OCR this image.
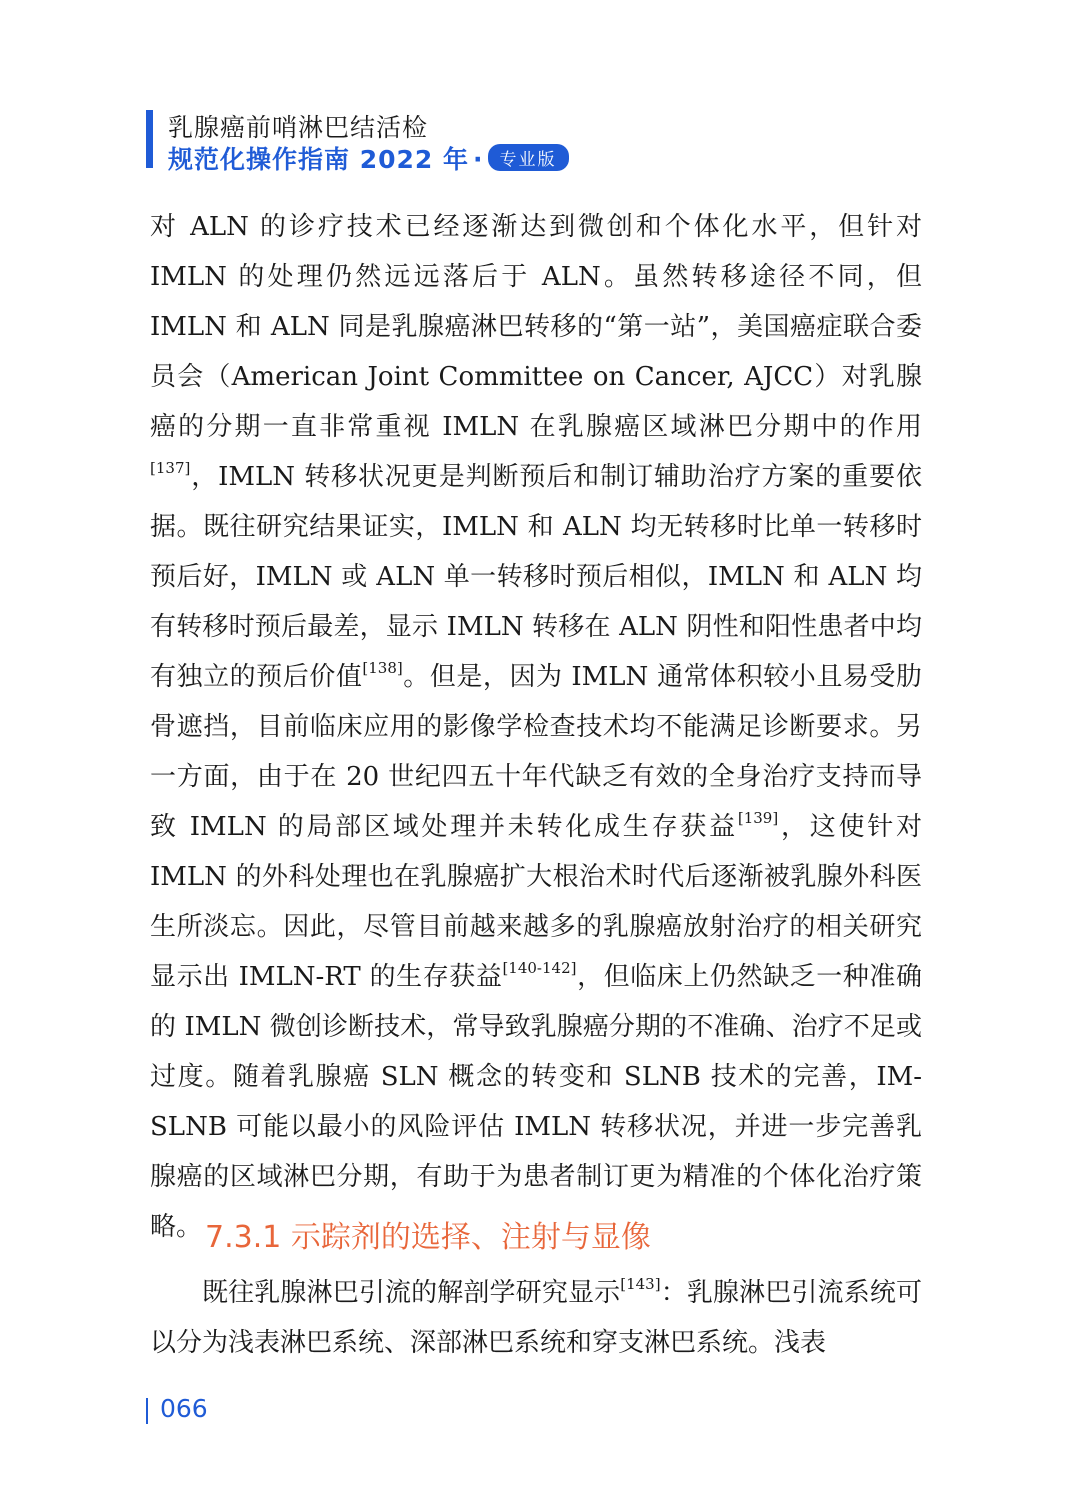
乳腺癌前哨淋巴结活检
规范化操作指南 2022 年 · 专业版

对 ALN 的诊疗技术已经逐渐达到微创和个体化水平，但针对 IMLN 的处理仍然远远落后于 ALN。虽然转移途径不同，但 IMLN 和 ALN 同是乳腺癌淋巴转移的“第一站”，美国癌症联合委员会（American Joint Committee on Cancer, AJCC）对乳腺癌的分期一直非常重视 IMLN 在乳腺癌区域淋巴分期中的作用[137]，IMLN 转移状况更是判断预后和制订辅助治疗方案的重要依据。既往研究结果证实，IMLN 和 ALN 均无转移时比单一转移时预后好，IMLN 或 ALN 单一转移时预后相似，IMLN 和 ALN 均有转移时预后最差，显示 IMLN 转移在 ALN 阴性和阳性患者中均有独立的预后价值[138]。但是，因为 IMLN 通常体积较小且易受肋骨遮挡，目前临床应用的影像学检查技术均不能满足诊断要求。另一方面，由于在 20 世纪四五十年代缺乏有效的全身治疗支持而导致 IMLN 的局部区域处理并未转化成生存获益[139]，这使针对 IMLN 的外科处理也在乳腺癌扩大根治术时代后逐渐被乳腺外科医生所淡忘。因此，尽管目前越来越多的乳腺癌放射治疗的相关研究显示出 IMLN-RT 的生存获益[140-142]，但临床上仍然缺乏一种准确的 IMLN 微创诊断技术，常导致乳腺癌分期的不准确、治疗不足或过度。随着乳腺癌 SLN 概念的转变和 SLNB 技术的完善，IM-SLNB 可能以最小的风险评估 IMLN 转移状况，并进一步完善乳腺癌的区域淋巴分期，有助于为患者制订更为精准的个体化治疗策略。 7.3.1 示踪剂的选择、注射与显像
既往乳腺淋巴引流的解剖学研究显示[143]：乳腺淋巴引流系统可以分为浅表淋巴系统、深部淋巴系统和穿支淋巴系统。浅表
066
